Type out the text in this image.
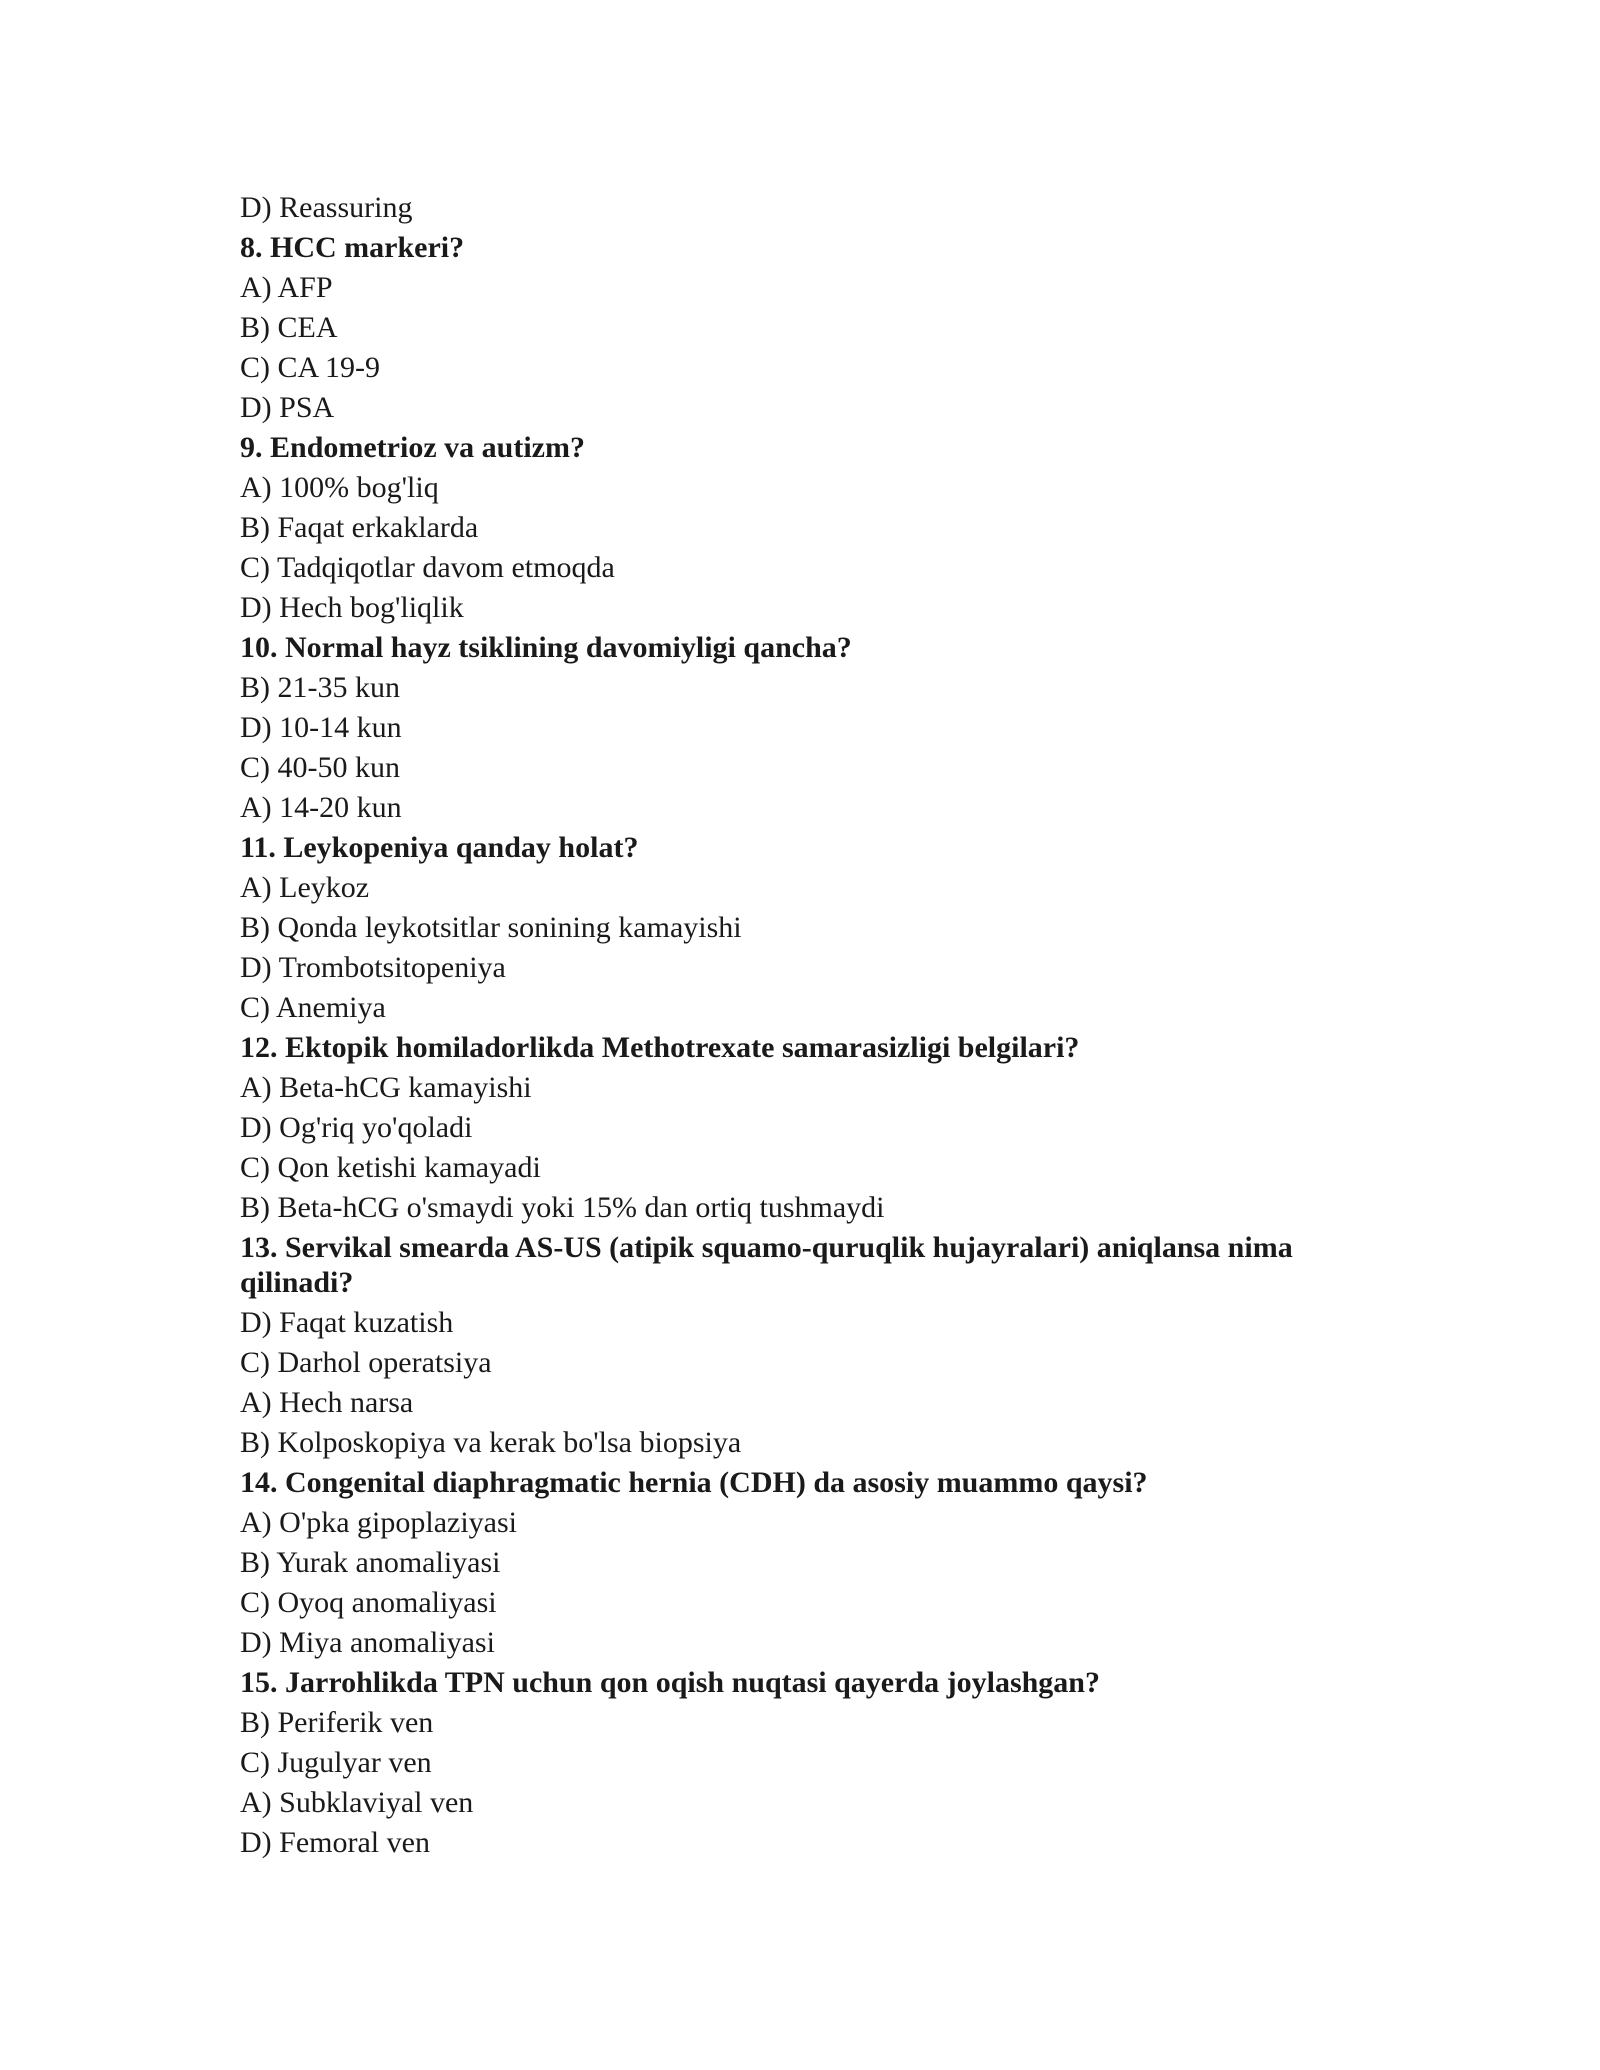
D) Reassuring
8. HCC markeri?
A) AFP
B) CEA
C) CA 19-9
D) PSA
9. Endometrioz va autizm?
A) 100% bog'liq
B) Faqat erkaklarda
C) Tadqiqotlar davom etmoqda
D) Hech bog'liqlik
10. Normal hayz tsiklining davomiyligi qancha?
B) 21-35 kun
D) 10-14 kun
C) 40-50 kun
A) 14-20 kun
11. Leykopeniya qanday holat?
A) Leykoz
B) Qonda leykotsitlar sonining kamayishi
D) Trombotsitopeniya
C) Anemiya
12. Ektopik homiladorlikda Methotrexate samarasizligi belgilari?
A) Beta-hCG kamayishi
D) Og'riq yo'qoladi
C) Qon ketishi kamayadi
B) Beta-hCG o'smaydi yoki 15% dan ortiq tushmaydi
13. Servikal smearda AS-US (atipik squamo-quruqlik hujayralari) aniqlansa nima qilinadi?
D) Faqat kuzatish
C) Darhol operatsiya
A) Hech narsa
B) Kolposkopiya va kerak bo'lsa biopsiya
14. Congenital diaphragmatic hernia (CDH) da asosiy muammo qaysi?
A) O'pka gipoplaziyasi
B) Yurak anomaliyasi
C) Oyoq anomaliyasi
D) Miya anomaliyasi
15. Jarrohlikda TPN uchun qon oqish nuqtasi qayerda joylashgan?
B) Periferik ven
C) Jugulyar ven
A) Subklaviyal ven
D) Femoral ven
